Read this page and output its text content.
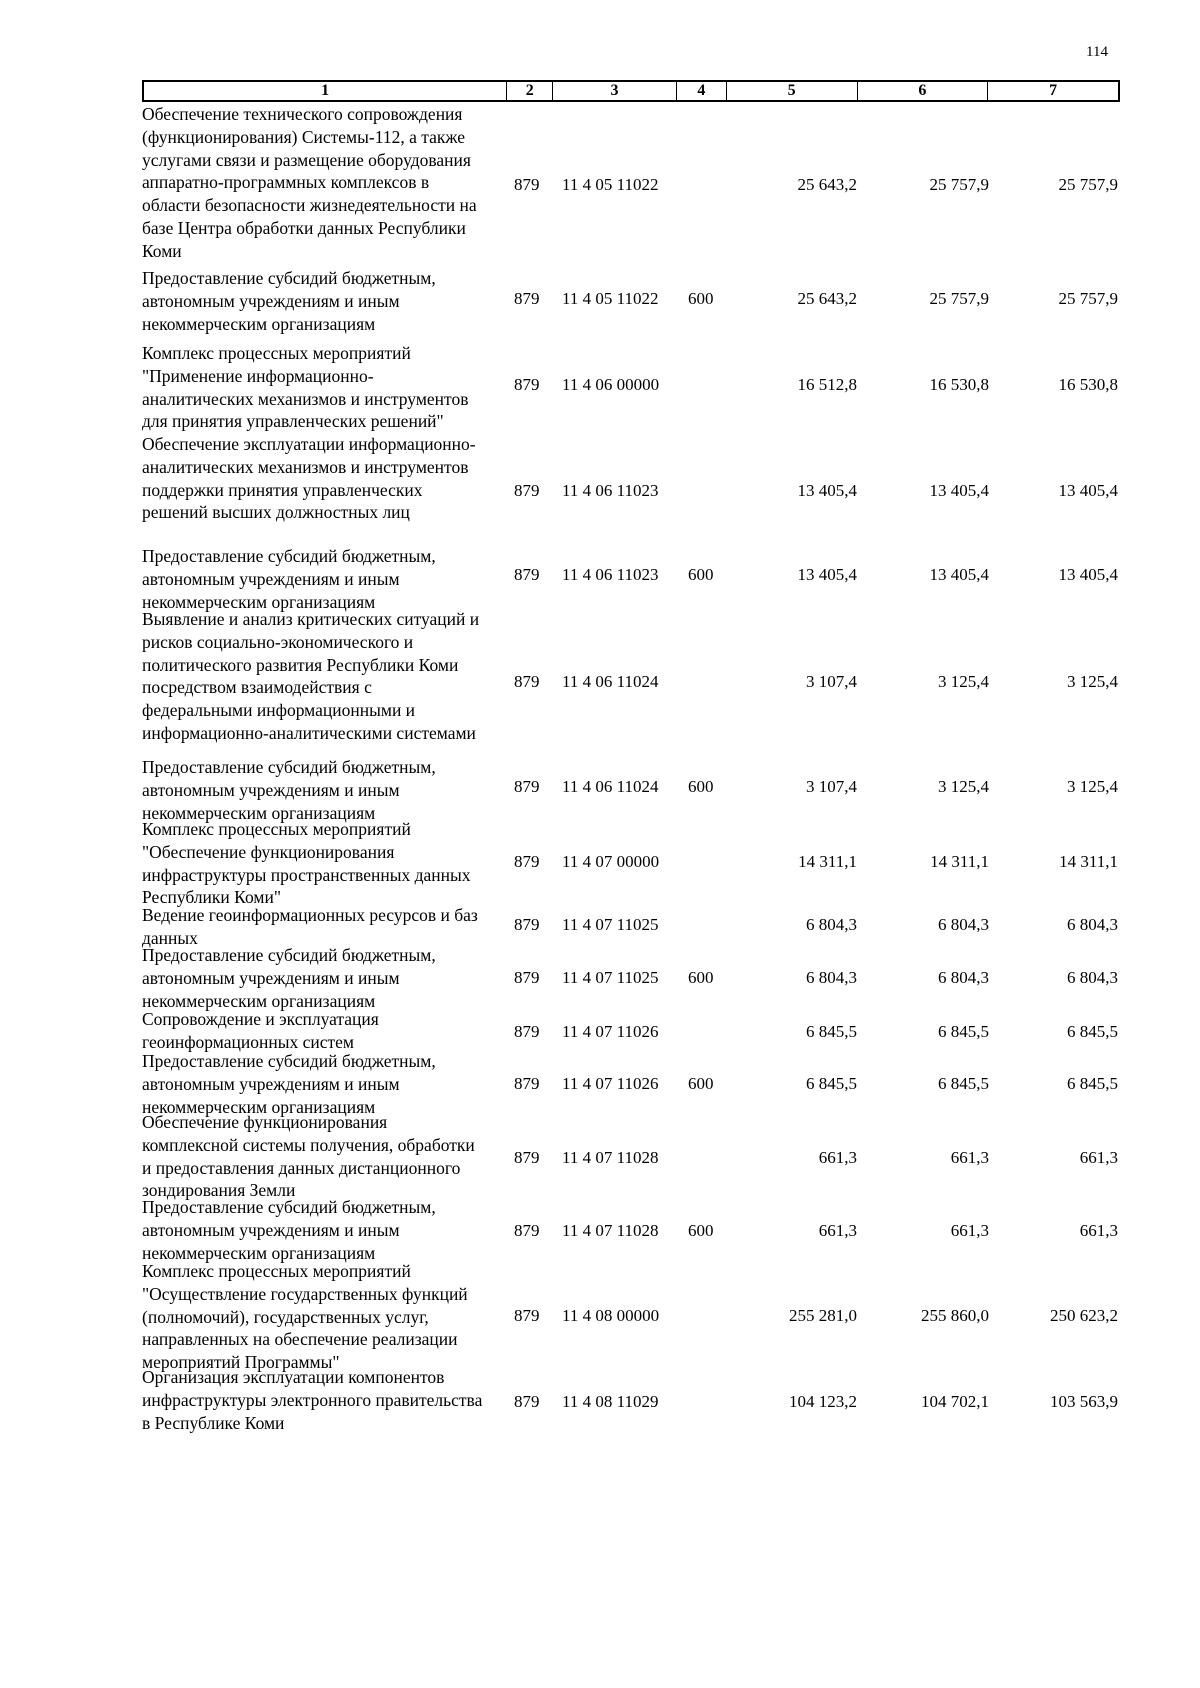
114
1	2	3	4	5	6	7
Обеспечение технического сопровождения
(функционирования) Системы-112, а также
услугами связи и размещение оборудования
аппаратно-программных комплексов в
области безопасности жизнедеятельности на
базе Центра обработки данных Республики
Коми
879 11 4 05 11022	25 643,2	25 757,9	25 757,9
Предоставление субсидий бюджетным,
автономным учреждениям и иным
некоммерческим организациям
879 11 4 05 11022 600	25 643,2	25 757,9	25 757,9
Комплекс процессных мероприятий
"Применение информационно-
аналитических механизмов и инструментов
для принятия управленческих решений"
879 11 4 06 00000	16 512,8	16 530,8	16 530,8
Обеспечение эксплуатации информационно-
аналитических механизмов и инструментов
поддержки принятия управленческих
решений высших должностных лиц
879 11 4 06 11023	13 405,4	13 405,4	13 405,4
Предоставление субсидий бюджетным,
автономным учреждениям и иным
некоммерческим организациям
879 11 4 06 11023 600	13 405,4	13 405,4	13 405,4
Выявление и анализ критических ситуаций и
рисков социально-экономического и
политического развития Республики Коми
посредством взаимодействия с
федеральными информационными и
информационно-аналитическими системами
879 11 4 06 11024	3 107,4	3 125,4	3 125,4
Предоставление субсидий бюджетным,
автономным учреждениям и иным
некоммерческим организациям
879 11 4 06 11024 600	3 107,4	3 125,4	3 125,4
Комплекс процессных мероприятий
"Обеспечение функционирования
инфраструктуры пространственных данных
Республики Коми"
879 11 4 07 00000	14 311,1	14 311,1	14 311,1
Ведение геоинформационных ресурсов и баз
данных
879 11 4 07 11025	6 804,3	6 804,3	6 804,3
Предоставление субсидий бюджетным,
автономным учреждениям и иным
некоммерческим организациям
879 11 4 07 11025 600	6 804,3	6 804,3	6 804,3
Сопровождение и эксплуатация
геоинформационных систем
879 11 4 07 11026	6 845,5	6 845,5	6 845,5
Предоставление субсидий бюджетным,
автономным учреждениям и иным
некоммерческим организациям
879 11 4 07 11026 600	6 845,5	6 845,5	6 845,5
Обеспечение функционирования
комплексной системы получения, обработки
и предоставления данных дистанционного
зондирования Земли
879 11 4 07 11028	661,3	661,3	661,3
Предоставление субсидий бюджетным,
автономным учреждениям и иным
некоммерческим организациям
879 11 4 07 11028 600	661,3	661,3	661,3
Комплекс процессных мероприятий
"Осуществление государственных функций
(полномочий), государственных услуг,
направленных на обеспечение реализации
мероприятий Программы"
879 11 4 08 00000	255 281,0	255 860,0	250 623,2
Организация эксплуатации компонентов
инфраструктуры электронного правительства
в Республике Коми
879 11 4 08 11029	104 123,2	104 702,1	103 563,9
